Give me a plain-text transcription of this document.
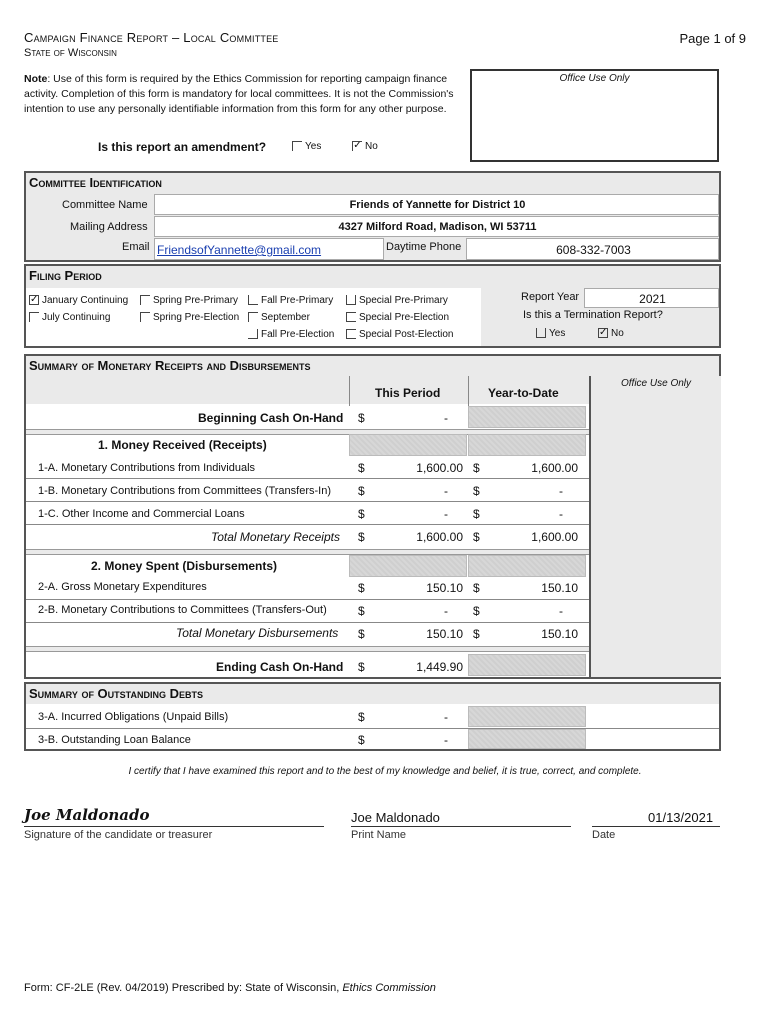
Campaign Finance Report – Local Committee
State of Wisconsin
Page 1 of 9
Note: Use of this form is required by the Ethics Commission for reporting campaign finance activity. Completion of this form is mandatory for local committees. It is not the Commission's intention to use any personally identifiable information from this form for any other purpose.
Office Use Only
Is this report an amendment?	Yes	✓ No
Committee Identification
Committee Name	Friends of Yannette for District 10
Mailing Address	4327 Milford Road, Madison, WI 53711
Email FriendsofYannette@gmail.com	Daytime Phone	608-332-7003
Filing Period
✓ January Continuing
July Continuing
Spring Pre-Primary
Spring Pre-Election
Fall Pre-Primary
September
Fall Pre-Election
Special Pre-Primary
Special Pre-Election
Special Post-Election
Report Year	2021
Is this a Termination Report?
Yes	✓ No
Summary of Monetary Receipts and Disbursements
Office Use Only
This Period	Year-to-Date
Beginning Cash On-Hand $	-
1. Money Received (Receipts)
1-A. Monetary Contributions from Individuals	$	1,600.00 $	1,600.00
1-B. Monetary Contributions from Committees (Transfers-In) $	- $	-
1-C. Other Income and Commercial Loans	$	- $	-
Total Monetary Receipts $	1,600.00 $	1,600.00
2. Money Spent (Disbursements)
2-A. Gross Monetary Expenditures	$	150.10 $	150.10
2-B. Monetary Contributions to Committees (Transfers-Out)	$	- $	-
Total Monetary Disbursements $	150.10 $	150.10
Ending Cash On-Hand $	1,449.90
Summary of Outstanding Debts
3-A. Incurred Obligations (Unpaid Bills)	$	-
3-B. Outstanding Loan Balance	$	-
I certify that I have examined this report and to the best of my knowledge and belief, it is true, correct, and complete.
Joe Maldonado
Signature of the candidate or treasurer
Joe Maldonado
Print Name
01/13/2021
Date
Form: CF-2LE (Rev. 04/2019) Prescribed by: State of Wisconsin, Ethics Commission
